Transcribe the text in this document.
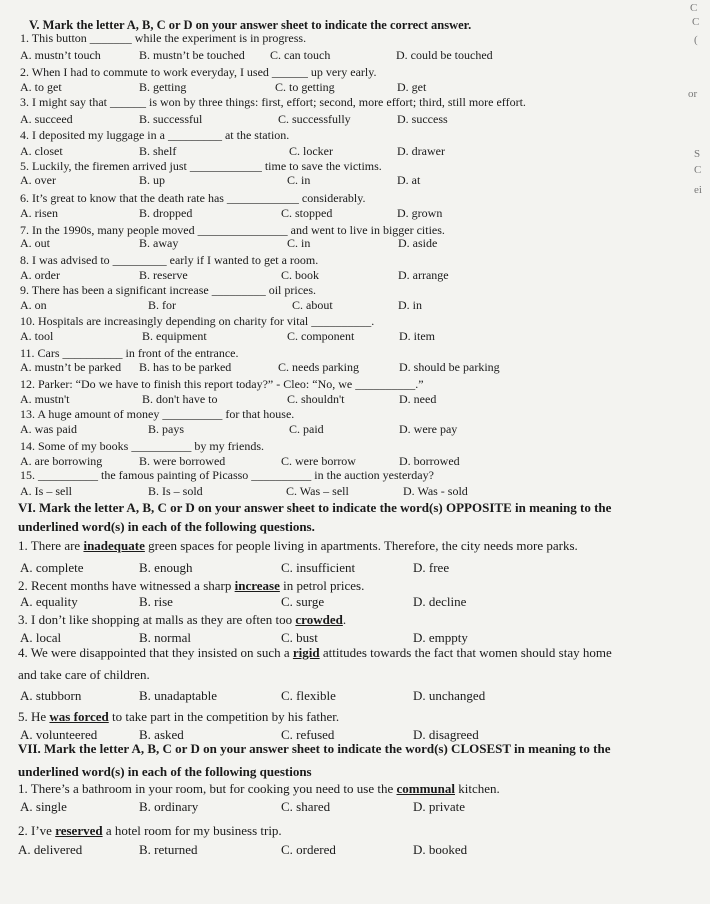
V. Mark the letter A, B, C or D on your answer sheet to indicate the correct answer.
1. This button _______ while the experiment is in progress.
A. mustn’t touch	B. mustn’t be touched C. can touch	D. could be touched
2. When I had to commute to work everyday, I used ______ up very early.
A. to get	B. getting	C. to getting	D. get
3. I might say that ______ is won by three things: first, effort; second, more effort; third, still more effort.
A. succeed	B. successful	C. successfully	D. success
4. I deposited my luggage in a _________ at the station.
A. closet	B. shelf	C. locker	D. drawer
5. Luckily, the firemen arrived just ____________ time to save the victims.
A. over	B. up	C. in	D. at
6. It’s great to know that the death rate has ____________ considerably.
A. risen	B. dropped	C. stopped	D. grown
7. In the 1990s, many people moved _______________ and went to live in bigger cities.
A. out	B. away	C. in	D. aside
8. I was advised to _________ early if I wanted to get a room.
A. order	B. reserve	C. book	D. arrange
9. There has been a significant increase _________ oil prices.
A. on	B. for	C. about	D. in
10. Hospitals are increasingly depending on charity for vital __________.
A. tool	B. equipment	C. component	D. item
11. Cars __________ in front of the entrance.
A. mustn’t be parked B. has to be parked	C. needs parking	D. should be parking
12. Parker: “Do we have to finish this report today?” - Cleo: “No, we __________.”
A. mustn't	B. don't have to	C. shouldn't	D. need
13. A huge amount of money __________ for that house.
A. was paid	B. pays	C. paid	D. were pay
14. Some of my books __________ by my friends.
A. are borrowing	B. were borrowed	C. were borrow	D. borrowed
15. __________ the famous painting of Picasso __________ in the auction yesterday?
A. Is – sell	B. Is – sold	C. Was – sell	D. Was - sold
VI. Mark the letter A, B, C or D on your answer sheet to indicate the word(s) OPPOSITE in meaning to the
underlined word(s) in each of the following questions.
1. There are inadequate green spaces for people living in apartments. Therefore, the city needs more parks.
A. complete	B. enough	C. insufficient	D. free
2. Recent months have witnessed a sharp increase in petrol prices.
A. equality	B. rise	C. surge	D. decline
3. I don’t like shopping at malls as they are often too crowded.
A. local	B. normal	C. bust	D. emppty
4. We were disappointed that they insisted on such a rigid attitudes towards the fact that women should stay home
and take care of children.
A. stubborn	B. unadaptable	C. flexible	D. unchanged
5. He was forced to take part in the competition by his father.
A. volunteered	B. asked	C. refused	D. disagreed
VII. Mark the letter A, B, C or D on your answer sheet to indicate the word(s) CLOSEST in meaning to the
underlined word(s) in each of the following questions
1. There’s a bathroom in your room, but for cooking you need to use the communal kitchen.
A. single	B. ordinary	C. shared	D. private
2. I’ve reserved a hotel room for my business trip.
A. delivered	B. returned	C. ordered	D. booked
C
C
(
or
S
C
ei
